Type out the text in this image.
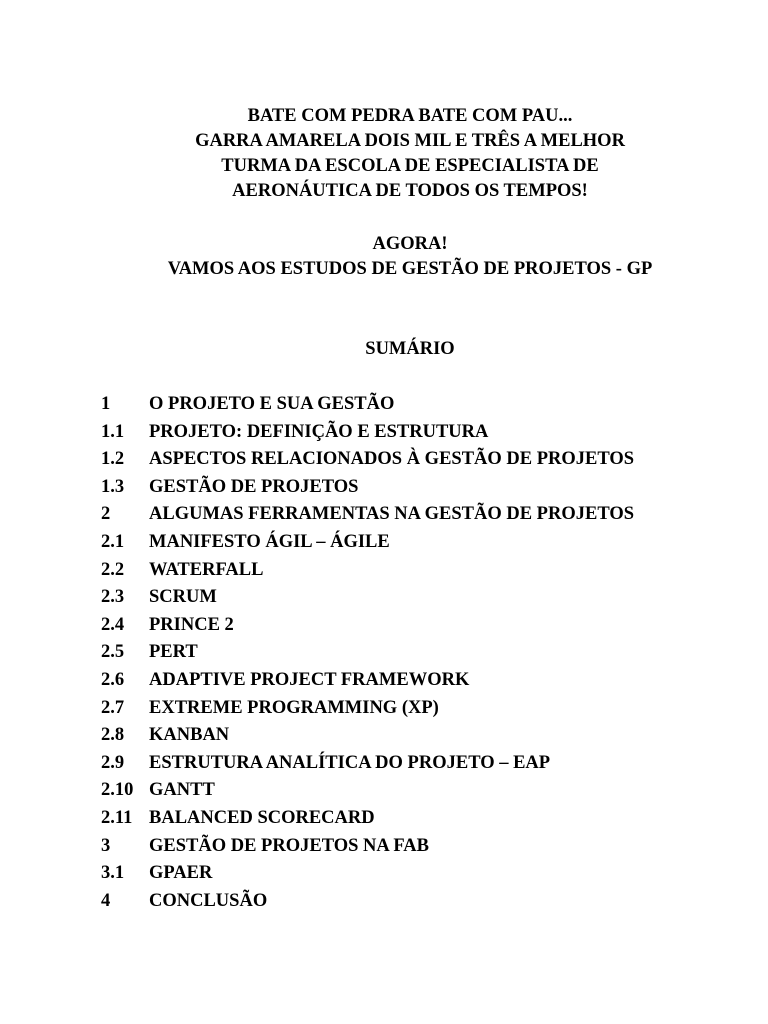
BATE COM PEDRA BATE COM PAU...
GARRA AMARELA DOIS MIL E TRÊS A MELHOR
TURMA DA ESCOLA DE ESPECIALISTA DE
AERONÁUTICA DE TODOS OS TEMPOS!
AGORA!
VAMOS AOS ESTUDOS DE GESTÃO DE PROJETOS - GP
SUMÁRIO
1	O PROJETO E SUA GESTÃO
1.1	PROJETO: DEFINIÇÃO E ESTRUTURA
1.2	ASPECTOS RELACIONADOS À GESTÃO DE PROJETOS
1.3	GESTÃO DE PROJETOS
2	ALGUMAS FERRAMENTAS NA GESTÃO DE PROJETOS
2.1	MANIFESTO ÁGIL – ÁGILE
2.2	WATERFALL
2.3	SCRUM
2.4	PRINCE 2
2.5	PERT
2.6	ADAPTIVE PROJECT FRAMEWORK
2.7	EXTREME PROGRAMMING (XP)
2.8	KANBAN
2.9	ESTRUTURA ANALÍTICA DO PROJETO – EAP
2.10 GANTT
2.11 BALANCED SCORECARD
3	GESTÃO DE PROJETOS NA FAB
3.1	GPAER
4	CONCLUSÃO
